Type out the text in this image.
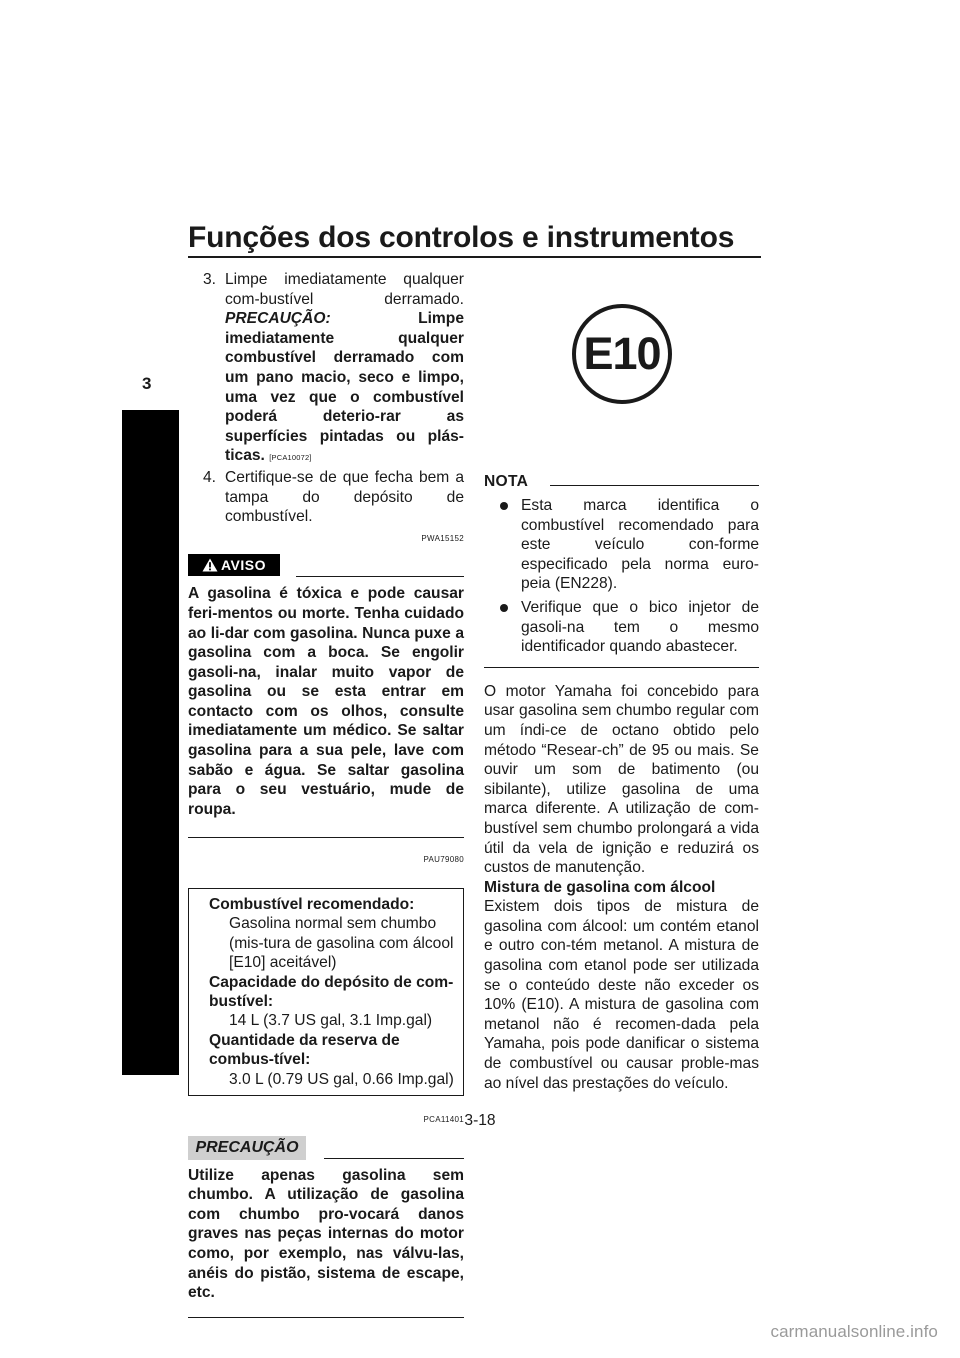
Funções dos controlos e instrumentos
3

3. Limpe imediatamente qualquer com-bustível derramado. PRECAUÇÃO:	Limpe imediatamente qualquer combustível derramado com um pano macio, seco e limpo, uma vez que o combustível poderá deterio-rar as superfícies pintadas ou plás-ticas. [PCA10072]

4. Certifique-se de que fecha bem a tampa do depósito de combustível.

PWA15152

AVISO

A gasolina é tóxica e pode causar feri-mentos ou morte. Tenha cuidado ao li-dar com gasolina. Nunca puxe a gasolina com a boca. Se engolir gasoli-na, inalar muito vapor de gasolina ou se esta entrar em contacto com os olhos, consulte imediatamente um médico. Se saltar gasolina para a sua pele, lave com sabão e água. Se saltar gasolina para o seu vestuário, mude de roupa.

PAU79080

Combustível recomendado:
Gasolina normal sem chumbo (mis-tura de gasolina com álcool [E10] aceitável)
Capacidade do depósito de com-bustível:
14 L (3.7 US gal, 3.1 Imp.gal)
Quantidade da reserva de combus-tível:
3.0 L (0.79 US gal, 0.66 Imp.gal)

PCA11401

PRECAUÇÃO

Utilize apenas gasolina sem chumbo. A utilização de gasolina com chumbo pro-vocará danos graves nas peças internas do motor como, por exemplo, nas válvu-las, anéis do pistão, sistema de escape, etc.

E10
NOTA

Esta marca identifica o combustível recomendado para este veículo con-forme especificado pela norma euro-peia (EN228).

Verifique que o bico injetor de gasoli-na tem o mesmo identificador quando abastecer.

O motor Yamaha foi concebido para usar gasolina sem chumbo regular com um índi-ce de octano obtido pelo método “Resear-ch” de 95 ou mais. Se ouvir um som de batimento (ou sibilante), utilize gasolina de uma marca diferente. A utilização de com-bustível sem chumbo prolongará a vida útil da vela de ignição e reduzirá os custos de manutenção.

Mistura de gasolina com álcool

Existem dois tipos de mistura de gasolina com álcool: um contém etanol e outro con-tém metanol. A mistura de gasolina com etanol pode ser utilizada se o conteúdo deste não exceder os 10% (E10). A mistura de gasolina com metanol não é recomen-dada pela Yamaha, pois pode danificar o sistema de combustível ou causar proble-mas ao nível das prestações do veículo.

3-18
carmanualsonline.info
